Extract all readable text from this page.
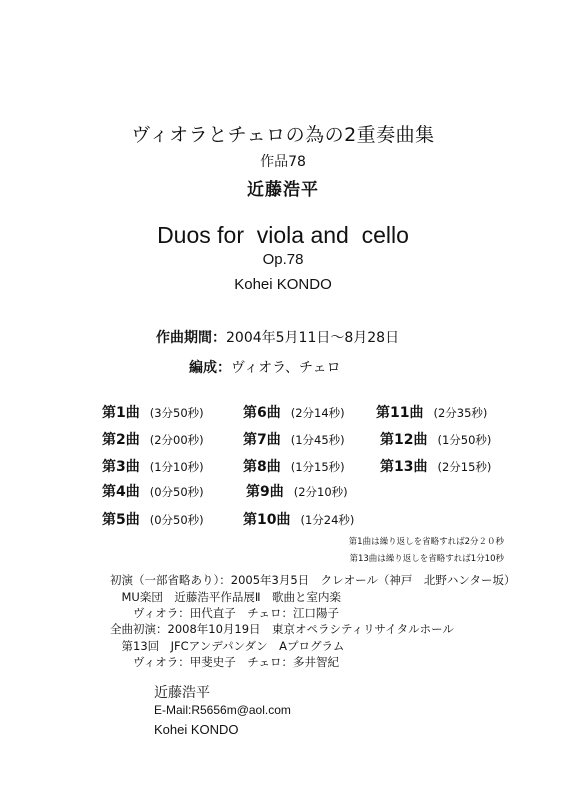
ヴィオラとチェロの為の2重奏曲集
作品78
近藤浩平
Duos for  viola and  cello
Op.78
Kohei KONDO
作曲期間：2004年5月11日～8月28日
編成：ヴィオラ、チェロ
第1曲 (3分50秒)
第2曲 (2分00秒)
第3曲 (1分10秒)
第4曲 (0分50秒)
第5曲 (0分50秒)
第6曲 (2分14秒)
第7曲 (1分45秒)
第8曲 (1分15秒)
第9曲 (2分10秒)
第10曲 (1分24秒)
第11曲 (2分35秒)
第12曲 (1分50秒)
第13曲 (2分15秒)
第1曲は繰り返しを省略すれば2分２０秒
第13曲は繰り返しを省略すれば1分10秒
初演（一部省略あり）：2005年3月5日　クレオール（神戸　北野ハンター坂）
　MU楽団　近藤浩平作品展Ⅱ　歌曲と室内楽
　　ヴィオラ：田代直子　チェロ：江口陽子
全曲初演：2008年10月19日　東京オペラシティリサイタルホール
　第13回　JFCアンデパンダン　Aプログラム
　　ヴィオラ：甲斐史子　チェロ：多井智紀
近藤浩平
E-Mail:R5656m@aol.com
Kohei KONDO
